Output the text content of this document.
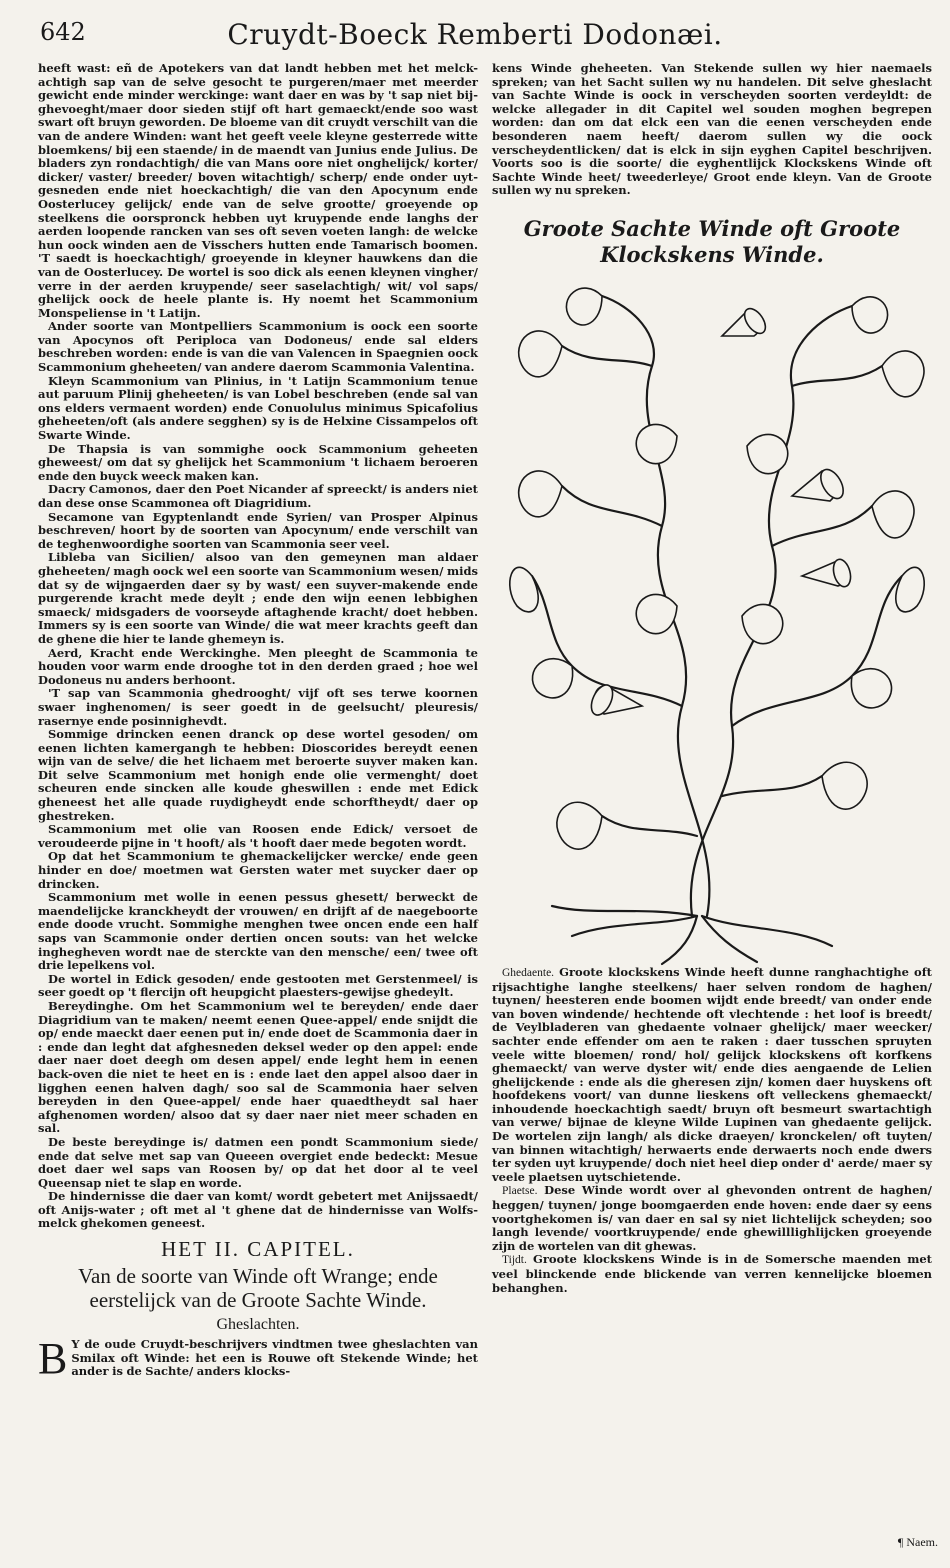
642	Cruydt-Boeck Remberti Dodonæi.

heeft wast: eñ de Apotekers van dat landt hebben met het melck-achtigh sap van de selve gesocht te purgeren/maer met meerder gewicht ende minder werckinge: want daer en was by 't sap niet bij-ghevoeght/maer door sieden stijf oft hart gemaeckt/ende soo wast swart oft bruyn geworden. De bloeme van dit cruydt verschilt van die van de andere Winden: want het geeft veele kleyne gesterrede witte bloemkens/ bij een staende/ in de maendt van Junius ende Julius. De bladers zyn rondachtigh/ die van Mans oore niet onghelijck/ korter/ dicker/ vaster/ breeder/ boven witachtigh/ scherp/ ende onder uyt-gesneden ende niet hoeckachtigh/ die van den Apocynum ende Oosterlucey gelijck/ ende van de selve grootte/ groeyende op steelkens die oorspronck hebben uyt kruypende ende langhs der aerden loopende rancken van ses oft seven voeten langh: de welcke hun oock winden aen de Visschers hutten ende Tamarisch boomen. 'T saedt is hoeckachtigh/ groeyende in kleyner hauwkens dan die van de Oosterlucey. De wortel is soo dick als eenen kleynen vingher/ verre in der aerden kruypende/ seer saselachtigh/ wit/ vol saps/ ghelijck oock de heele plante is. Hy noemt het Scammonium Monspeliense in 't Latijn.

Ander soorte van Montpelliers Scammonium is oock een soorte van Apocynos oft Periploca van Dodoneus/ ende sal elders beschreben worden: ende is van die van Valencen in Spaegnien oock Scammonium gheheeten/ van andere daerom Scammonia Valentina.

Kleyn Scammonium van Plinius, in 't Latijn Scammonium tenue aut paruum Plinij gheheeten/ is van Lobel beschreben (ende sal van ons elders vermaent worden) ende Conuolulus minimus Spicafolius gheheeten/oft (als andere segghen) sy is de Helxine Cissampelos oft Swarte Winde.

De Thapsia is van sommighe oock Scammonium geheeten gheweest/ om dat sy ghelijck het Scammonium 't lichaem beroeren ende den buyck weeck maken kan.

Dacry Camonos, daer den Poet Nicander af spreeckt/ is anders niet dan dese onse Scammonea oft Diagridium.

Secamone van Egyptenlandt ende Syrien/ van Prosper Alpinus beschreven/ hoort by de soorten van Apocynum/ ende verschilt van de teghenwoordighe soorten van Scammonia seer veel.

Libleba van Sicilien/ alsoo van den gemeynen man aldaer gheheeten/ magh oock wel een soorte van Scammonium wesen/ mids dat sy de wijngaerden daer sy by wast/ een suyver-makende ende purgerende kracht mede deylt ; ende den wijn eenen lebbighen smaeck/ midsgaders de voorseyde aftaghende kracht/ doet hebben. Immers sy is een soorte van Winde/ die wat meer krachts geeft dan de ghene die hier te lande ghemeyn is.

Aerd, Kracht ende Werckinghe. Men pleeght de Scammonia te houden voor warm ende drooghe tot in den derden graed ; hoe wel Dodoneus nu anders berhoont.

'T sap van Scammonia ghedrooght/ vijf oft ses terwe koornen swaer inghenomen/ is seer goedt in de geelsucht/ pleuresis/ rasernye ende posinnighevdt.

Sommige drincken eenen dranck op dese wortel gesoden/ om eenen lichten kamergangh te hebben: Dioscorides bereydt eenen wijn van de selve/ die het lichaem met beroerte suyver maken kan. Dit selve Scammonium met honigh ende olie vermenght/ doet scheuren ende sincken alle koude gheswillen : ende met Edick gheneest het alle quade ruydigheydt ende schorftheydt/ daer op ghestreken.

Scammonium met olie van Roosen ende Edick/ versoet de veroudeerde pijne in 't hooft/ als 't hooft daer mede begoten wordt.

Op dat het Scammonium te ghemackelijcker wercke/ ende geen hinder en doe/ moetmen wat Gersten water met suycker daer op drincken.

Scammonium met wolle in eenen pessus ghesett/ berweckt de maendelijcke kranckheydt der vrouwen/ en drijft af de naegeboorte ende doode vrucht. Sommighe menghen twee oncen ende een half saps van Scammonie onder dertien oncen souts: van het welcke inghegheven wordt nae de sterckte van den mensche/ een/ twee oft drie lepelkens vol.

De wortel in Edick gesoden/ ende gestooten met Gerstenmeel/ is seer goedt op 't flercijn oft heupgicht plaesters-gewijse ghedeylt.

Bereydinghe. Om het Scammonium wel te bereyden/ ende daer Diagridium van te maken/ neemt eenen Quee-appel/ ende snijdt die op/ ende maeckt daer eenen put in/ ende doet de Scammonia daer in : ende dan leght dat afghesneden deksel weder op den appel: ende daer naer doet deegh om desen appel/ ende leght hem in eenen back-oven die niet te heet en is : ende laet den appel alsoo daer in ligghen eenen halven dagh/ soo sal de Scammonia haer selven bereyden in den Quee-appel/ ende haer quaedtheydt sal haer afghenomen worden/ alsoo dat sy daer naer niet meer schaden en sal.

De beste bereydinge is/ datmen een pondt Scammonium siede/ ende dat selve met sap van Queeen overgiet ende bedeckt: Mesue doet daer wel saps van Roosen by/ op dat het door al te veel Queensap niet te slap en worde.

De hindernisse die daer van komt/ wordt gebetert met Anijssaedt/ oft Anijs-water ; oft met al 't ghene dat de hindernisse van Wolfs-melck ghekomen geneest.

HET II. CAPITEL.
Van de soorte van Winde oft Wrange; ende eerstelijck van de Groote Sachte Winde.
Gheslachten.
B Y de oude Cruydt-beschrijvers vindtmen twee gheslachten van Smilax oft Winde: het een is Rouwe oft Stekende Winde; het ander is de Sachte/ anders klocks-

kens Winde gheheeten. Van Stekende sullen wy hier naemaels spreken; van het Sacht sullen wy nu handelen. Dit selve gheslacht van Sachte Winde is oock in verscheyden soorten verdeyldt: de welcke allegader in dit Capitel wel souden moghen begrepen worden: dan om dat elck een van die eenen verscheyden ende besonderen naem heeft/ daerom sullen wy die oock verscheydentlicken/ dat is elck in sijn eyghen Capitel beschrijven. Voorts soo is die soorte/ die eyghentlijck Klockskens Winde oft Sachte Winde heet/ tweederleye/ Groot ende kleyn. Van de Groote sullen wy nu spreken.

Groote Sachte Winde oft Groote
Klockskens Winde.

Ghedaente. Groote klockskens Winde heeft dunne ranghachtighe oft rijsachtighe langhe steelkens/ haer selven rondom de haghen/ tuynen/ heesteren ende boomen wijdt ende breedt/ van onder ende van boven windende/ hechtende oft vlechtende : het loof is breedt/ de Veylbladeren van ghedaente volnaer ghelijck/ maer weecker/ sachter ende effender om aen te raken : daer tusschen spruyten veele witte bloemen/ rond/ hol/ gelijck klockskens oft korfkens ghemaeckt/ van werve dyster wit/ ende dies aengaende de Lelien ghelijckende : ende als die gheresen zijn/ komen daer huyskens oft hoofdekens voort/ van dunne lieskens oft velleckens ghemaeckt/ inhoudende hoeckachtigh saedt/ bruyn oft besmeurt swartachtigh van verwe/ bijnae de kleyne Wilde Lupinen van ghedaente gelijck. De wortelen zijn langh/ als dicke draeyen/ kronckelen/ oft tuyten/ van binnen witachtigh/ herwaerts ende derwaerts noch ende dwers ter syden uyt kruypende/ doch niet heel diep onder d' aerde/ maer sy veele plaetsen uytschietende.

Plaetse. Dese Winde wordt over al ghevonden ontrent de haghen/ heggen/ tuynen/ jonge boomgaerden ende hoven: ende daer sy eens voortghekomen is/ van daer en sal sy niet lichtelijck scheyden; soo langh levende/ voortkruypende/ ende ghewilllighlijcken groeyende zijn de wortelen van dit ghewas.

Tijdt. Groote klockskens Winde is in de Somersche maenden met veel blinckende ende blickende van verren kennelijcke bloemen behanghen.

¶ Naem.
